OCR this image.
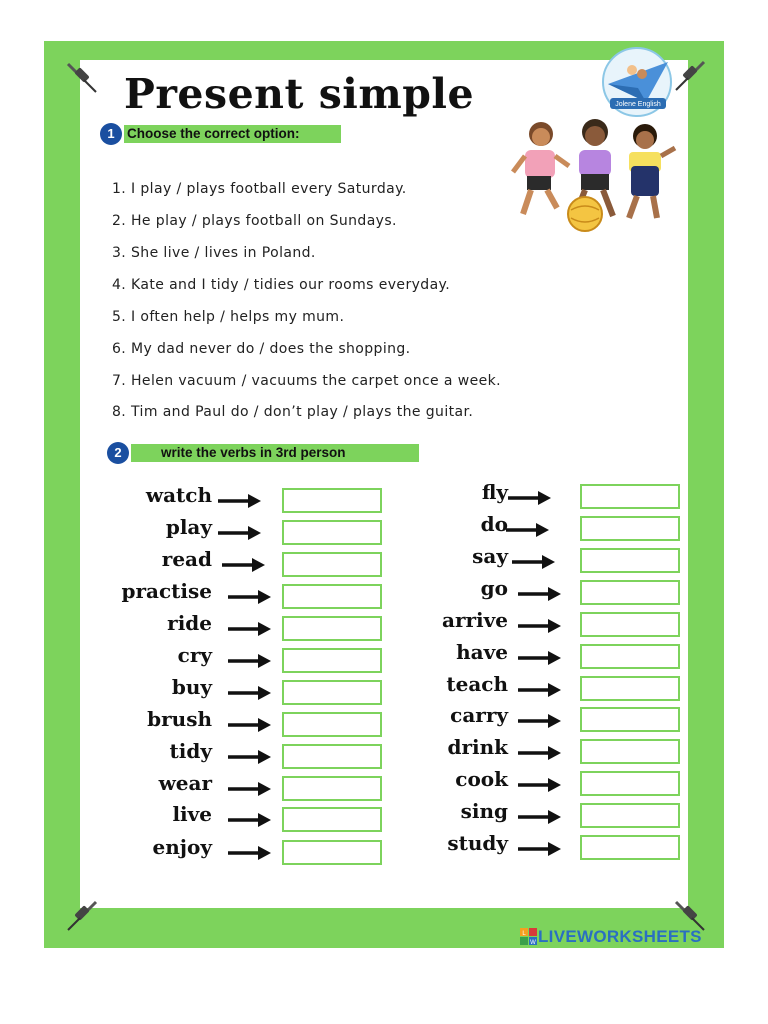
Jolene English
Present simple
1 Choose the correct option:

1. I play / plays football every Saturday.

2. He play / plays football on Sundays.

3. She live / lives in Poland.

4. Kate and I tidy / tidies our rooms everyday.

5. I often help / helps my mum.

6. My dad never do / does the shopping.

7. Helen vacuum / vacuums the carpet once a week.

8. Tim and Paul do / don’t play / plays the guitar.

2	write the verbs in 3rd person
watch
play
read
practise
ride
cry
buy
brush
tidy
wear
live
enjoy
fly
do
say
go
arrive
have
teach
carry
drink
cook
sing
study
L
W LIVEWORKSHEETS
